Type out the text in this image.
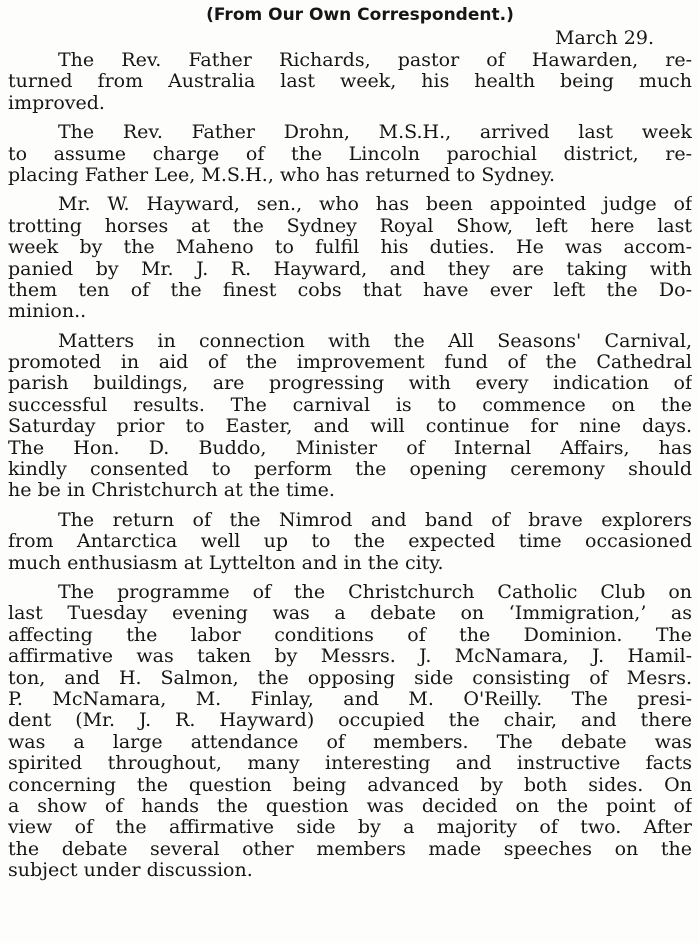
(From Our Own Correspondent.)
March 29.
The Rev. Father Richards, pastor of Hawarden, re-
turned from Australia last week, his health being much
improved.
The Rev. Father Drohn, M.S.H., arrived last week
to assume charge of the Lincoln parochial district, re-
placing Father Lee, M.S.H., who has returned to Sydney.
Mr. W. Hayward, sen., who has been appointed judge of
trotting horses at the Sydney Royal Show, left here last
week by the Maheno to fulfil his duties. He was accom-
panied by Mr. J. R. Hayward, and they are taking with
them ten of the finest cobs that have ever left the Do-
minion..
Matters in connection with the All Seasons' Carnival,
promoted in aid of the improvement fund of the Cathedral
parish buildings, are progressing with every indication of
successful results. The carnival is to commence on the
Saturday prior to Easter, and will continue for nine days.
The Hon. D. Buddo, Minister of Internal Affairs, has
kindly consented to perform the opening ceremony should
he be in Christchurch at the time.
The return of the Nimrod and band of brave explorers
from Antarctica well up to the expected time occasioned
much enthusiasm at Lyttelton and in the city.
The programme of the Christchurch Catholic Club on
last Tuesday evening was a debate on ‘Immigration,’ as
affecting the labor conditions of the Dominion. The
affirmative was taken by Messrs. J. McNamara, J. Hamil-
ton, and H. Salmon, the opposing side consisting of Mesrs.
P. McNamara, M. Finlay, and M. O'Reilly. The presi-
dent (Mr. J. R. Hayward) occupied the chair, and there
was a large attendance of members. The debate was
spirited throughout, many interesting and instructive facts
concerning the question being advanced by both sides. On
a show of hands the question was decided on the point of
view of the affirmative side by a majority of two. After
the debate several other members made speeches on the
subject under discussion.
